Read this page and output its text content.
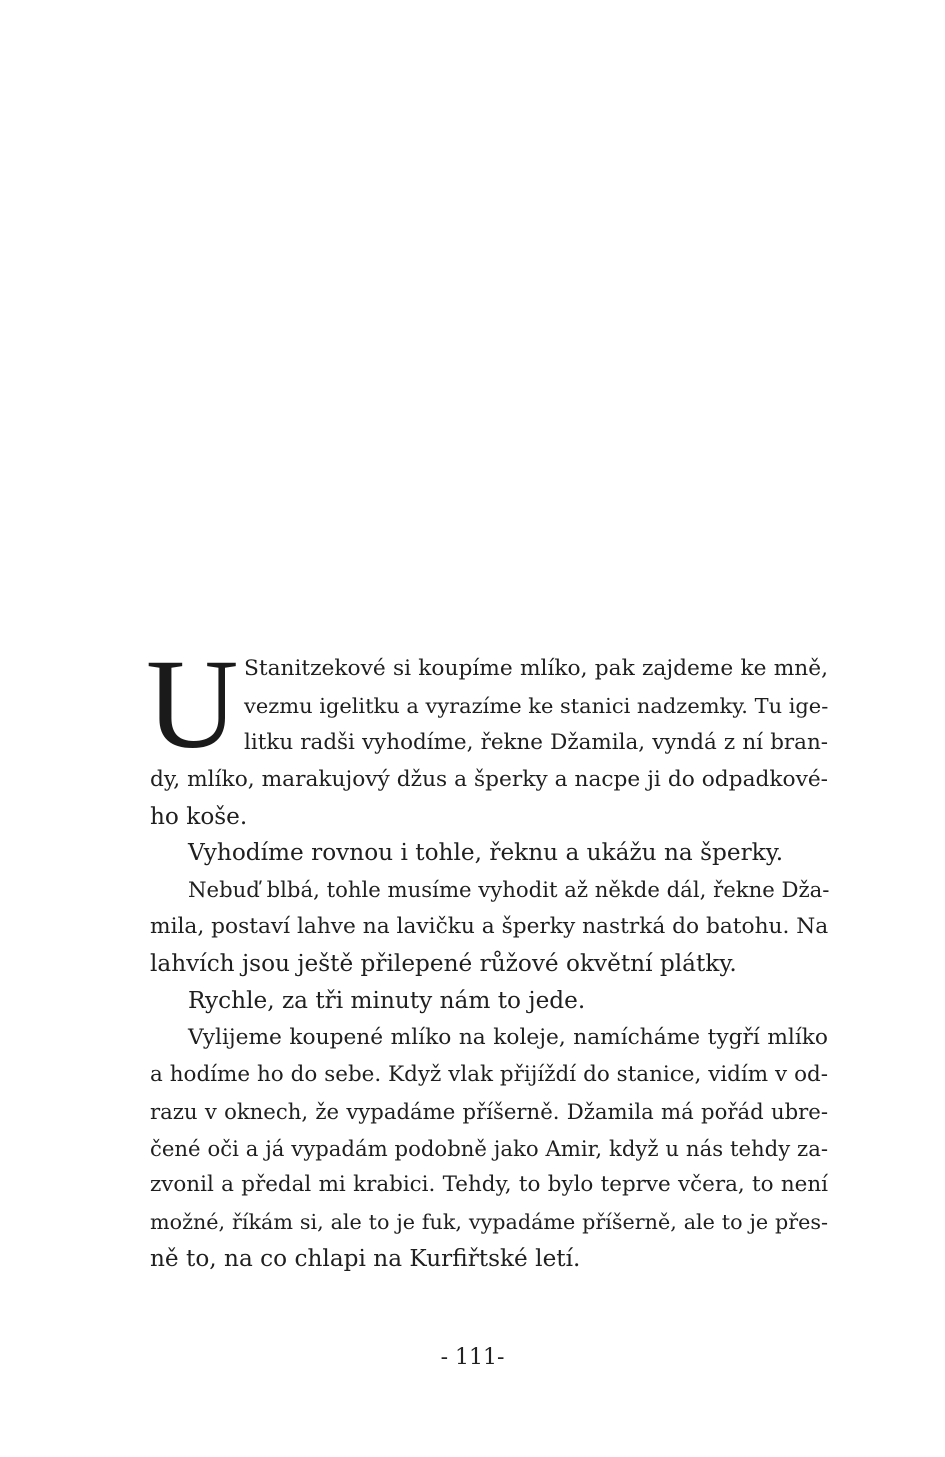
U Stanitzekové si koupíme mlíko, pak zajdeme ke mně,
vezmu igelitku a vyrazíme ke stanici nadzemky. Tu ige-
litku radši vyhodíme, řekne Džamila, vyndá z ní bran-
dy, mlíko, marakujový džus a šperky a nacpe ji do odpadkové-
ho koše.
Vyhodíme rovnou i tohle, řeknu a ukážu na šperky.
Nebuď blbá, tohle musíme vyhodit až někde dál, řekne Dža-
mila, postaví lahve na lavičku a šperky nastrká do batohu. Na
lahvích jsou ještě přilepené růžové okvětní plátky.
Rychle, za tři minuty nám to jede.
Vylijeme koupené mlíko na koleje, namícháme tygří mlíko
a hodíme ho do sebe. Když vlak přijíždí do stanice, vidím v od-
razu v oknech, že vypadáme příšerně. Džamila má pořád ubre-
čené oči a já vypadám podobně jako Amir, když u nás tehdy za-
zvonil a předal mi krabici. Tehdy, to bylo teprve včera, to není
možné, říkám si, ale to je fuk, vypadáme příšerně, ale to je přes-
ně to, na co chlapi na Kurfiřtské letí.
- 111-
